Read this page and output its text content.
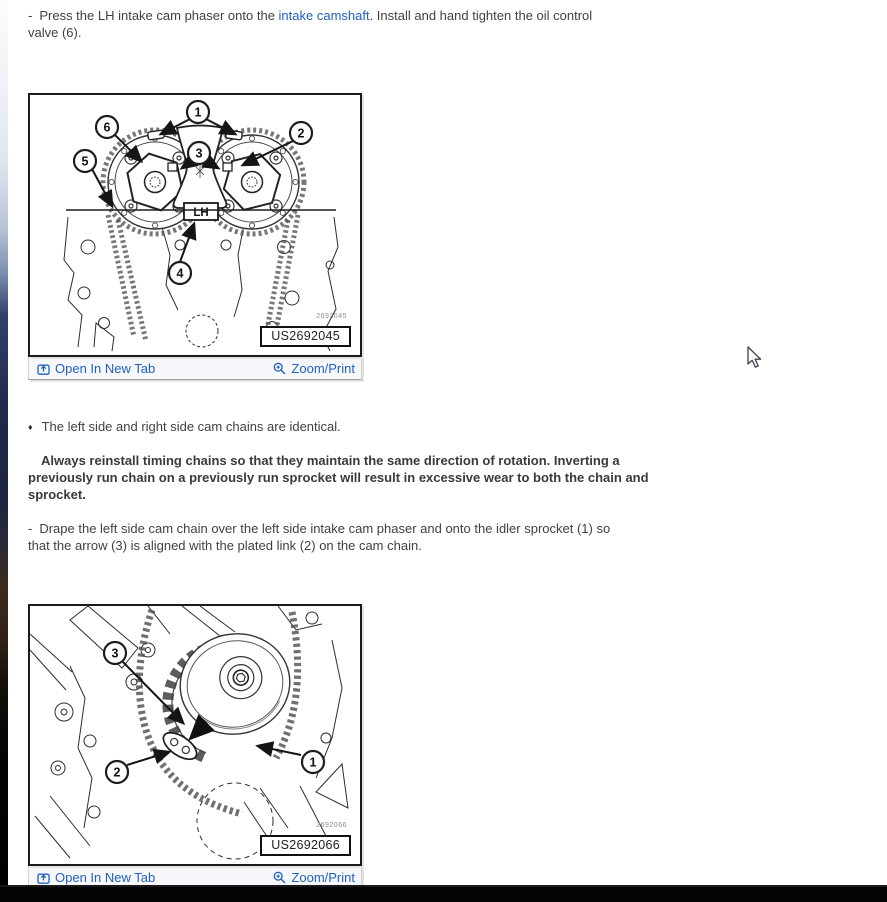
- Press the LH intake cam phaser onto the intake camshaft. Install and hand tighten the oil control
valve (6).
LH
1
2
3
4
5
6
2692045
US2692045
Open In New Tab	Zoom/Print
♦ The left side and right side cam chains are identical.
Always reinstall timing chains so that they maintain the same direction of rotation. Inverting a
previously run chain on a previously run sprocket will result in excessive wear to both the chain and
sprocket.
- Drape the left side cam chain over the left side intake cam phaser and onto the idler sprocket (1) so
that the arrow (3) is aligned with the plated link (2) on the cam chain.
3
2
1
2692066
US2692066
Open In New Tab	Zoom/Print
